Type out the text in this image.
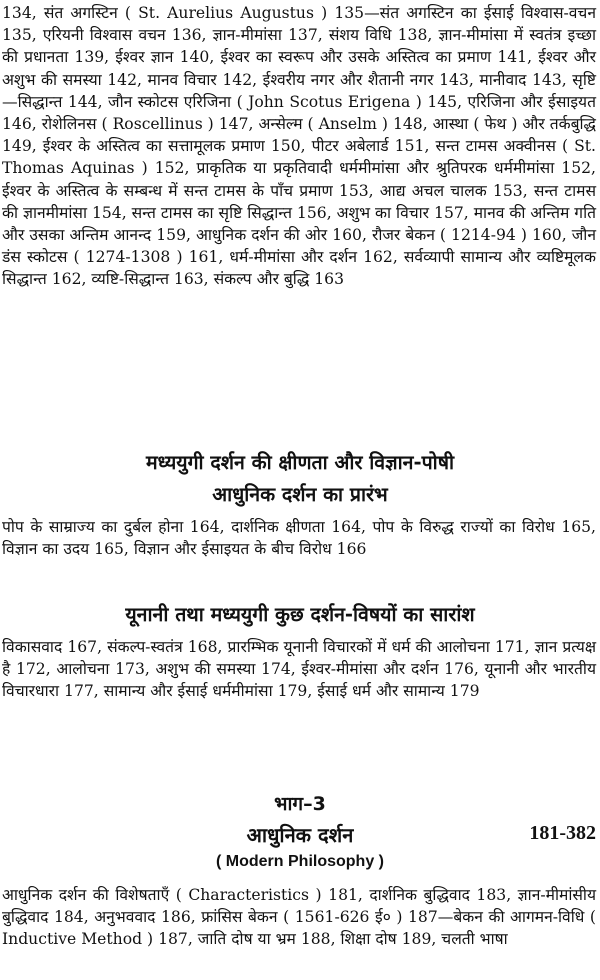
134, संत अगस्टिन ( St. Aurelius Augustus ) 135—संत अगस्टिन का ईसाई विश्वास-वचन 135, एरियनी विश्वास वचन 136, ज्ञान-मीमांसा 137, संशय विधि 138, ज्ञान-मीमांसा में स्वतंत्र इच्छा की प्रधानता 139, ईश्वर ज्ञान 140, ईश्वर का स्वरूप और उसके अस्तित्व का प्रमाण 141, ईश्वर और अशुभ की समस्या 142, मानव विचार 142, ईश्वरीय नगर और शैतानी नगर 143, मानीवाद 143, सृष्टि—सिद्धान्त 144, जौन स्कोटस एरिजिना ( John Scotus Erigena ) 145, एरिजिना और ईसाइयत 146, रोशेलिनस ( Roscellinus ) 147, अन्सेल्म ( Anselm ) 148, आस्था ( फेथ ) और तर्कबुद्धि 149, ईश्वर के अस्तित्व का सत्तामूलक प्रमाण 150, पीटर अबेलार्ड 151, सन्त टामस अक्वीनस ( St. Thomas Aquinas ) 152, प्राकृतिक या प्रकृतिवादी धर्ममीमांसा और श्रुतिपरक धर्ममीमांसा 152, ईश्वर के अस्तित्व के सम्बन्ध में सन्त टामस के पाँच प्रमाण 153, आद्य अचल चालक 153, सन्त टामस की ज्ञानमीमांसा 154, सन्त टामस का सृष्टि सिद्धान्त 156, अशुभ का विचार 157, मानव की अन्तिम गति और उसका अन्तिम आनन्द 159, आधुनिक दर्शन की ओर 160, रौजर बेकन ( 1214-94 ) 160, जौन डंस स्कोटस ( 1274-1308 ) 161, धर्म-मीमांसा और दर्शन 162, सर्वव्यापी सामान्य और व्यष्टिमूलक सिद्धान्त 162, व्यष्टि-सिद्धान्त 163, संकल्प और बुद्धि 163

मध्ययुगी दर्शन की क्षीणता और विज्ञान-पोषी
आधुनिक दर्शन का प्रारंभ

पोप के साम्राज्य का दुर्बल होना 164, दार्शनिक क्षीणता 164, पोप के विरुद्ध राज्यों का विरोध 165, विज्ञान का उदय 165, विज्ञान और ईसाइयत के बीच विरोध 166

यूनानी तथा मध्ययुगी कुछ दर्शन-विषयों का सारांश

विकासवाद 167, संकल्प-स्वतंत्र 168, प्रारम्भिक यूनानी विचारकों में धर्म की आलोचना 171, ज्ञान प्रत्यक्ष है 172, आलोचना 173, अशुभ की समस्या 174, ईश्वर-मीमांसा और दर्शन 176, यूनानी और भारतीय विचारधारा 177, सामान्य और ईसाई धर्ममीमांसा 179, ईसाई धर्म और सामान्य 179

भाग–3
आधुनिक दर्शन
( Modern Philosophy )
181-382

आधुनिक दर्शन की विशेषताएँ ( Characteristics ) 181, दार्शनिक बुद्धिवाद 183, ज्ञान-मीमांसीय बुद्धिवाद 184, अनुभववाद 186, फ्रांसिस बेकन ( 1561-626 ई० ) 187—बेकन की आगमन-विधि ( Inductive Method ) 187, जाति दोष या भ्रम 188, शिक्षा दोष 189, चलती भाषा
